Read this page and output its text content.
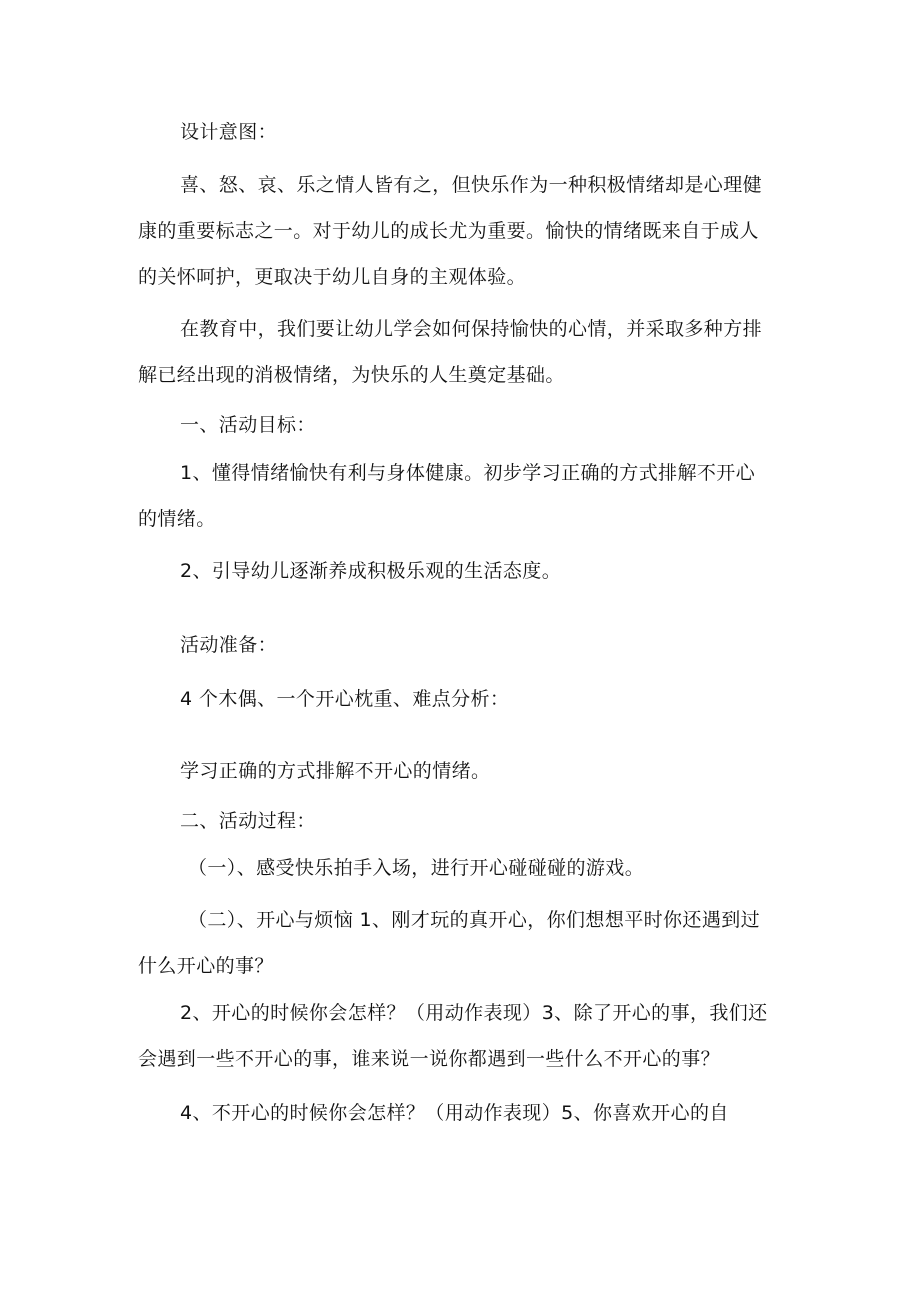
设计意图：
喜、怒、哀、乐之情人皆有之，但快乐作为一种积极情绪却是心理健
康的重要标志之一。对于幼儿的成长尤为重要。愉快的情绪既来自于成人
的关怀呵护，更取决于幼儿自身的主观体验。
在教育中，我们要让幼儿学会如何保持愉快的心情，并采取多种方排
解已经出现的消极情绪，为快乐的人生奠定基础。
一、活动目标：
1、懂得情绪愉快有利与身体健康。初步学习正确的方式排解不开心
的情绪。
2、引导幼儿逐渐养成积极乐观的生活态度。
活动准备：
4 个木偶、一个开心枕重、难点分析：
学习正确的方式排解不开心的情绪。
二、活动过程：
（一）、感受快乐拍手入场，进行开心碰碰碰的游戏。
（二）、开心与烦恼 1、刚才玩的真开心，你们想想平时你还遇到过
什么开心的事？
2、开心的时候你会怎样？（用动作表现）3、除了开心的事，我们还
会遇到一些不开心的事，谁来说一说你都遇到一些什么不开心的事？
4、不开心的时候你会怎样？（用动作表现）5、你喜欢开心的自
